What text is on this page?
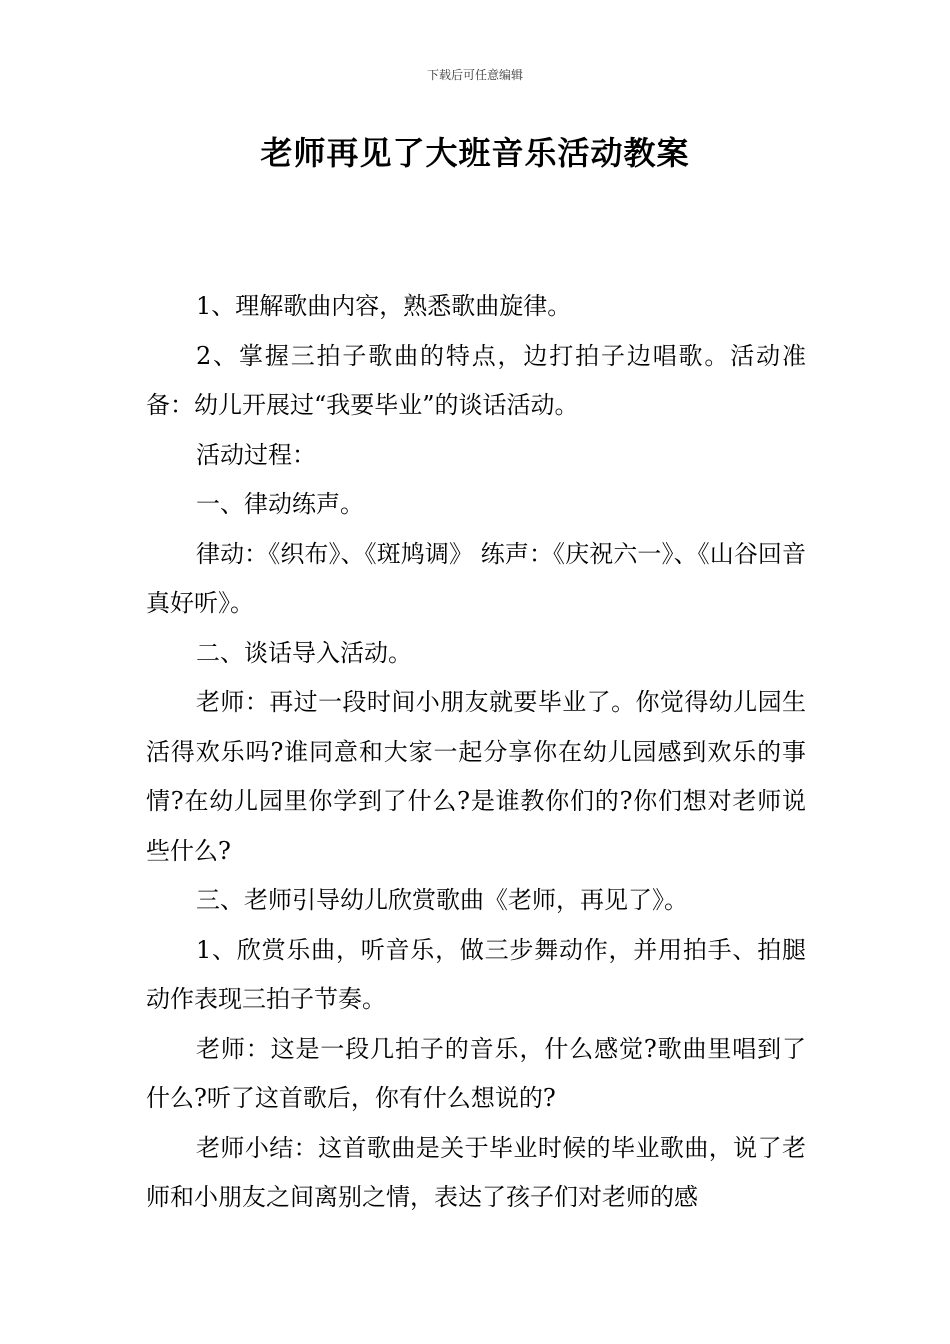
下载后可任意编辑
老师再见了大班音乐活动教案

1、理解歌曲内容，熟悉歌曲旋律。

2、掌握三拍子歌曲的特点，边打拍子边唱歌。活动准备：幼儿开展过“我要毕业”的谈话活动。

活动过程：

一、律动练声。

律动：《织布》、《斑鸠调》 练声：《庆祝六一》、《山谷回音真好听》。

二、谈话导入活动。

老师：再过一段时间小朋友就要毕业了。你觉得幼儿园生活得欢乐吗?谁同意和大家一起分享你在幼儿园感到欢乐的事情?在幼儿园里你学到了什么?是谁教你们的?你们想对老师说些什么?

三、老师引导幼儿欣赏歌曲《老师，再见了》。

1、欣赏乐曲，听音乐，做三步舞动作，并用拍手、拍腿动作表现三拍子节奏。

老师：这是一段几拍子的音乐，什么感觉?歌曲里唱到了什么?听了这首歌后，你有什么想说的?

老师小结：这首歌曲是关于毕业时候的毕业歌曲，说了老师和小朋友之间离别之情，表达了孩子们对老师的感
